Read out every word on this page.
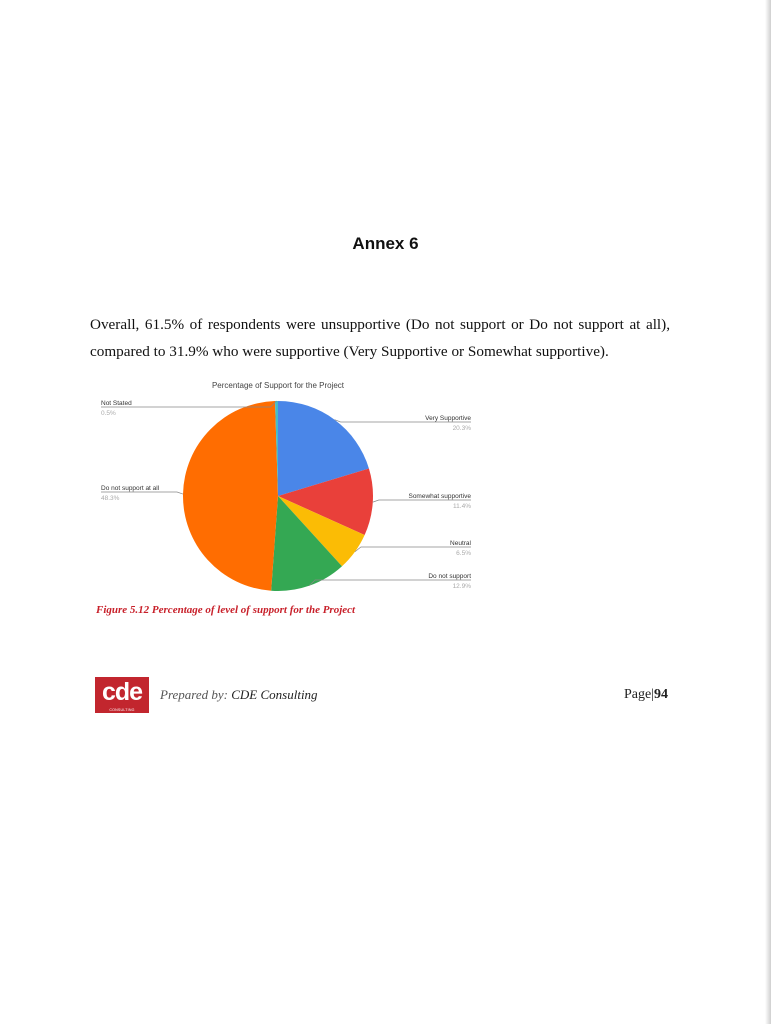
Annex 6

Overall, 61.5% of respondents were unsupportive (Do not support or Do not support at all), compared to 31.9% who were supportive (Very Supportive or Somewhat supportive).

Percentage of Support for the Project
Very Supportive
20.3%
Somewhat supportive
11.4%
Neutral
6.5%
Do not support
12.9%
Do not support at all
48.3%
Not Stated
0.5%
Figure 5.12 Percentage of level of support for the Project
cde
CONSULTING
Prepared by: CDE Consulting	Page|94
